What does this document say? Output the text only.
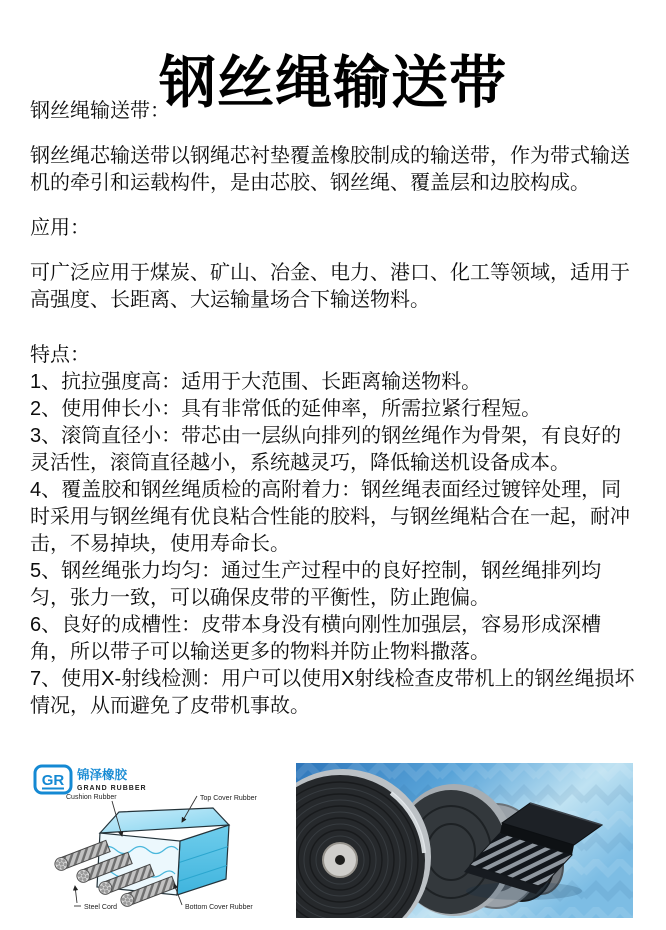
钢丝绳输送带

钢丝绳输送带：

钢丝绳芯输送带以钢绳芯衬垫覆盖橡胶制成的输送带，作为带式输送机的牵引和运载构件，是由芯胶、钢丝绳、覆盖层和边胶构成。

应用：

可广泛应用于煤炭、矿山、冶金、电力、港口、化工等领域，适用于高强度、长距离、大运输量场合下输送物料。

特点：

1、抗拉强度高：适用于大范围、长距离输送物料。

2、使用伸长小：具有非常低的延伸率，所需拉紧行程短。

3、滚筒直径小：带芯由一层纵向排列的钢丝绳作为骨架，有良好的灵活性，滚筒直径越小，系统越灵巧，降低输送机设备成本。

4、覆盖胶和钢丝绳质检的高附着力：钢丝绳表面经过镀锌处理，同时采用与钢丝绳有优良粘合性能的胶料，与钢丝绳粘合在一起，耐冲击，不易掉块，使用寿命长。

5、钢丝绳张力均匀：通过生产过程中的良好控制，钢丝绳排列均匀，张力一致，可以确保皮带的平衡性，防止跑偏。

6、良好的成槽性：皮带本身没有横向刚性加强层，容易形成深槽角，所以带子可以输送更多的物料并防止物料撒落。

7、使用X-射线检测：用户可以使用X射线检查皮带机上的钢丝绳损坏情况，从而避免了皮带机事故。

GR 锦泽橡胶
GRAND RUBBER
Cushion Rubber	Top Cover Rubber
Steel Cord	Bottom Cover Rubber
